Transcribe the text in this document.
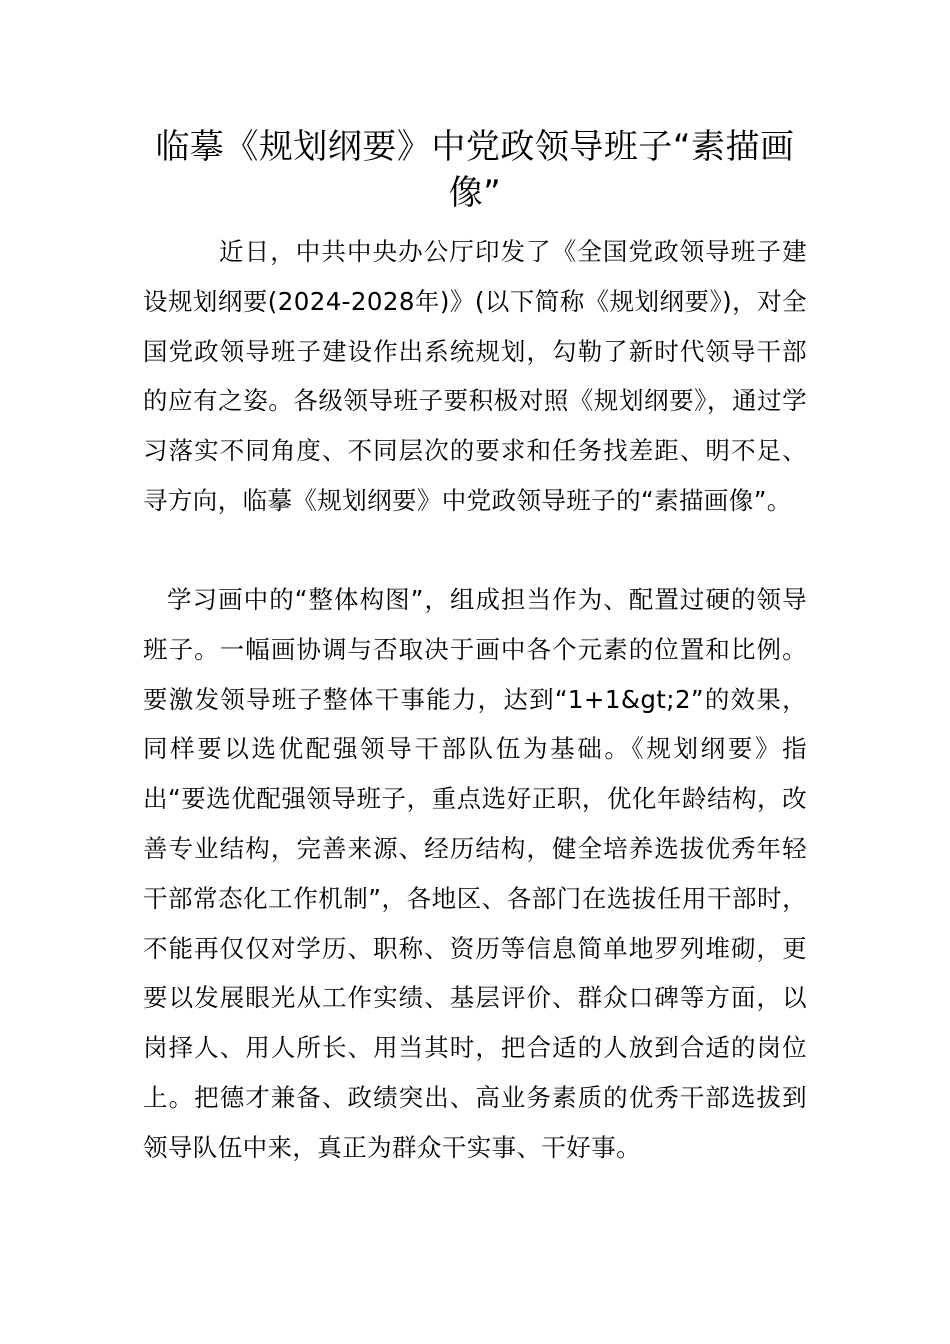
临摹《规划纲要》中党政领导班子“素描画像”

近日，中共中央办公厅印发了《全国党政领导班子建设规划纲要(2024-2028年)》(以下简称《规划纲要》)，对全国党政领导班子建设作出系统规划，勾勒了新时代领导干部的应有之姿。各级领导班子要积极对照《规划纲要》，通过学习落实不同角度、不同层次的要求和任务找差距、明不足、寻方向，临摹《规划纲要》中党政领导班子的“素描画像”。

学习画中的“整体构图”，组成担当作为、配置过硬的领导班子。一幅画协调与否取决于画中各个元素的位置和比例。要激发领导班子整体干事能力，达到“1+1&gt;2”的效果，同样要以选优配强领导干部队伍为基础。《规划纲要》指出“要选优配强领导班子，重点选好正职，优化年龄结构，改善专业结构，完善来源、经历结构，健全培养选拔优秀年轻干部常态化工作机制”，各地区、各部门在选拔任用干部时，不能再仅仅对学历、职称、资历等信息简单地罗列堆砌，更要以发展眼光从工作实绩、基层评价、群众口碑等方面，以岗择人、用人所长、用当其时，把合适的人放到合适的岗位上。把德才兼备、政绩突出、高业务素质的优秀干部选拔到领导队伍中来，真正为群众干实事、干好事。
